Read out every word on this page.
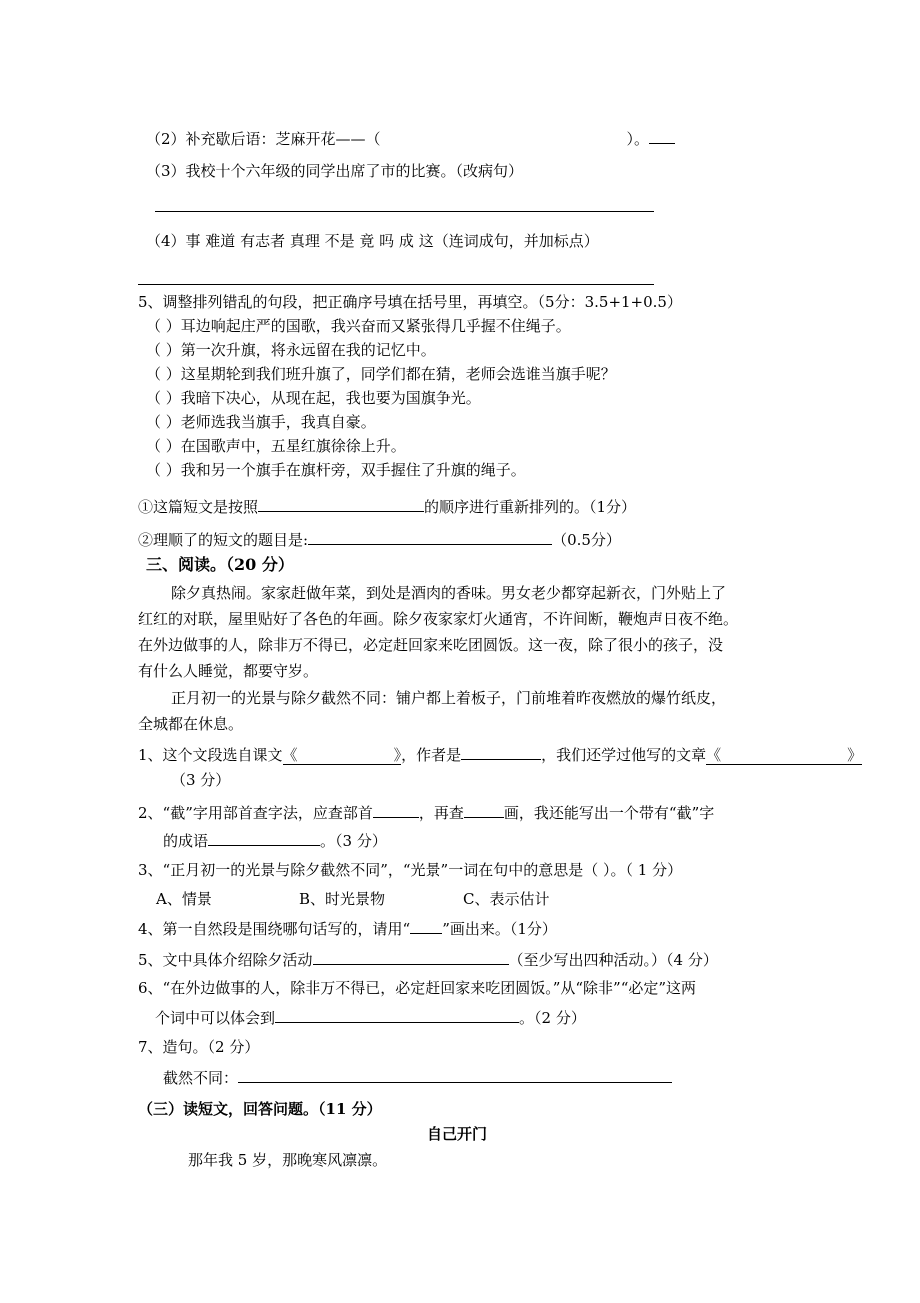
（2）补充歇后语：芝麻开花——（	）。
（3）我校十个六年级的同学出席了市的比赛。（改病句）
（4）事 难道 有志者 真理 不是 竟 吗 成 这（连词成句，并加标点）
5、调整排列错乱的句段，把正确序号填在括号里，再填空。（5分：3.5+1+0.5）
（ ）耳边响起庄严的国歌，我兴奋而又紧张得几乎握不住绳子。
（ ）第一次升旗，将永远留在我的记忆中。
（ ）这星期轮到我们班升旗了，同学们都在猜，老师会选谁当旗手呢？
（ ）我暗下决心，从现在起，我也要为国旗争光。
（ ）老师选我当旗手，我真自豪。
（ ）在国歌声中，五星红旗徐徐上升。
（ ）我和另一个旗手在旗杆旁，双手握住了升旗的绳子。
①这篇短文是按照	的顺序进行重新排列的。（1分）
②理顺了的短文的题目是:	（0.5分）
三、阅读。（20 分）
除夕真热闹。家家赶做年菜，到处是酒肉的香味。男女老少都穿起新衣，门外贴上了
红红的对联，屋里贴好了各色的年画。除夕夜家家灯火通宵，不许间断，鞭炮声日夜不绝。
在外边做事的人，除非万不得已，必定赶回家来吃团圆饭。这一夜，除了很小的孩子，没
有什么人睡觉，都要守岁。
正月初一的光景与除夕截然不同：铺户都上着板子，门前堆着昨夜燃放的爆竹纸皮，
全城都在休息。
1、这个文段选自课文《	》，作者是	，我们还学过他写的文章《	》
（3 分）
2、“截”字用部首查字法，应查部首	，再查	画，我还能写出一个带有“截”字
的成语	。（3 分）
3、“正月初一的光景与除夕截然不同”，“光景”一词在句中的意思是（ ）。（ 1 分）
A、情景	B、时光景物	C、表示估计
4、第一自然段是围绕哪句话写的，请用“ ”画出来。（1分）
5、文中具体介绍除夕活动	（至少写出四种活动。）（4 分）
6、“在外边做事的人，除非万不得已，必定赶回家来吃团圆饭。”从“除非”“必定”这两
个词中可以体会到	。（2 分）
7、造句。（2 分）
截然不同：
（三）读短文，回答问题。（11 分）
自己开门
那年我 5 岁，那晚寒风凛凛。
